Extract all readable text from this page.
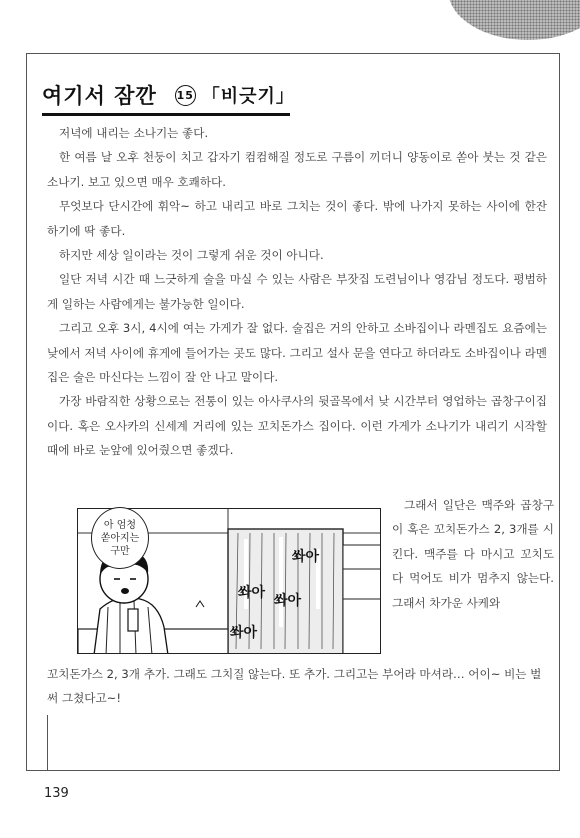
여기서 잠깐 15 「비긋기」

저녁에 내리는 소나기는 좋다.

한 여름 날 오후 천둥이 치고 갑자기 컴컴해질 정도로 구름이 끼더니 양동이로 쏟아 붓는 것 같은 소나기. 보고 있으면 매우 호쾌하다.

무엇보다 단시간에 휘악~ 하고 내리고 바로 그치는 것이 좋다. 밖에 나가지 못하는 사이에 한잔 하기에 딱 좋다.

하지만 세상 일이라는 것이 그렇게 쉬운 것이 아니다.

일단 저녁 시간 때 느긋하게 술을 마실 수 있는 사람은 부잣집 도련님이나 영감님 정도다. 평범하게 일하는 사람에게는 불가능한 일이다.

그리고 오후 3시, 4시에 여는 가게가 잘 없다. 술집은 거의 안하고 소바집이나 라멘집도 요즘에는 낮에서 저녁 사이에 휴게에 들어가는 곳도 많다. 그리고 설사 문을 연다고 하더라도 소바집이나 라멘집은 술은 마신다는 느낌이 잘 안 나고 말이다.

가장 바람직한 상황으로는 전통이 있는 아사쿠사의 뒷골목에서 낮 시간부터 영업하는 곱창구이집이다. 혹은 오사카의 신세계 거리에 있는 꼬치돈가스 집이다. 이런 가게가 소나기가 내리기 시작할 때에 바로 눈앞에 있어줬으면 좋겠다.

쏴아
쏴아
쏴아
쏴아
아 엄청
쏟아지는
구만

그래서 일단은 맥주와 곱창구이 혹은 꼬치돈가스 2, 3개를 시킨다. 맥주를 다 마시고 꼬치도 다 먹어도 비가 멈추지 않는다. 그래서 차가운 사케와

꼬치돈가스 2, 3개 추가. 그래도 그치질 않는다. 또 추가. 그리고는 부어라 마셔라… 어이~ 비는 벌써 그쳤다고~!

139
